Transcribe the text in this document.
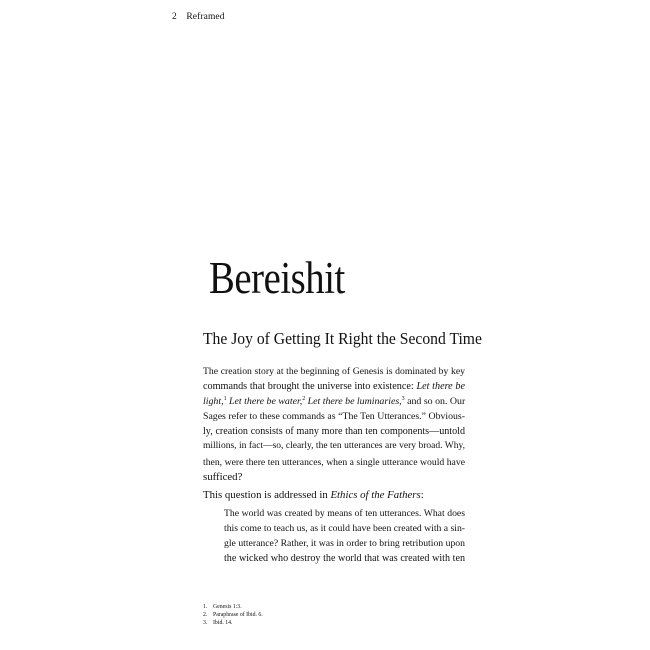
2 Reframed
Bereishit
The Joy of Getting It Right the Second Time

The creation story at the beginning of Genesis is dominated by key
commands that brought the universe into existence: Let there be
light,$^1$ Let there be water,$^2$ Let there be luminaries,$^3$ and so on. Our
Sages refer to these commands as “The Ten Utterances.” Obvious-
ly, creation consists of many more than ten components—untold
millions, in fact—so, clearly, the ten utterances are very broad. Why,
then, were there ten utterances, when a single utterance would have
sufficed?

This question is addressed in Ethics of the Fathers:

The world was created by means of ten utterances. What does
this come to teach us, as it could have been created with a sin-
gle utterance? Rather, it was in order to bring retribution upon
the wicked who destroy the world that was created with ten
1. Genesis 1:3.
2. Paraphrase of Ibid. 6.
3. Ibid. 14.
